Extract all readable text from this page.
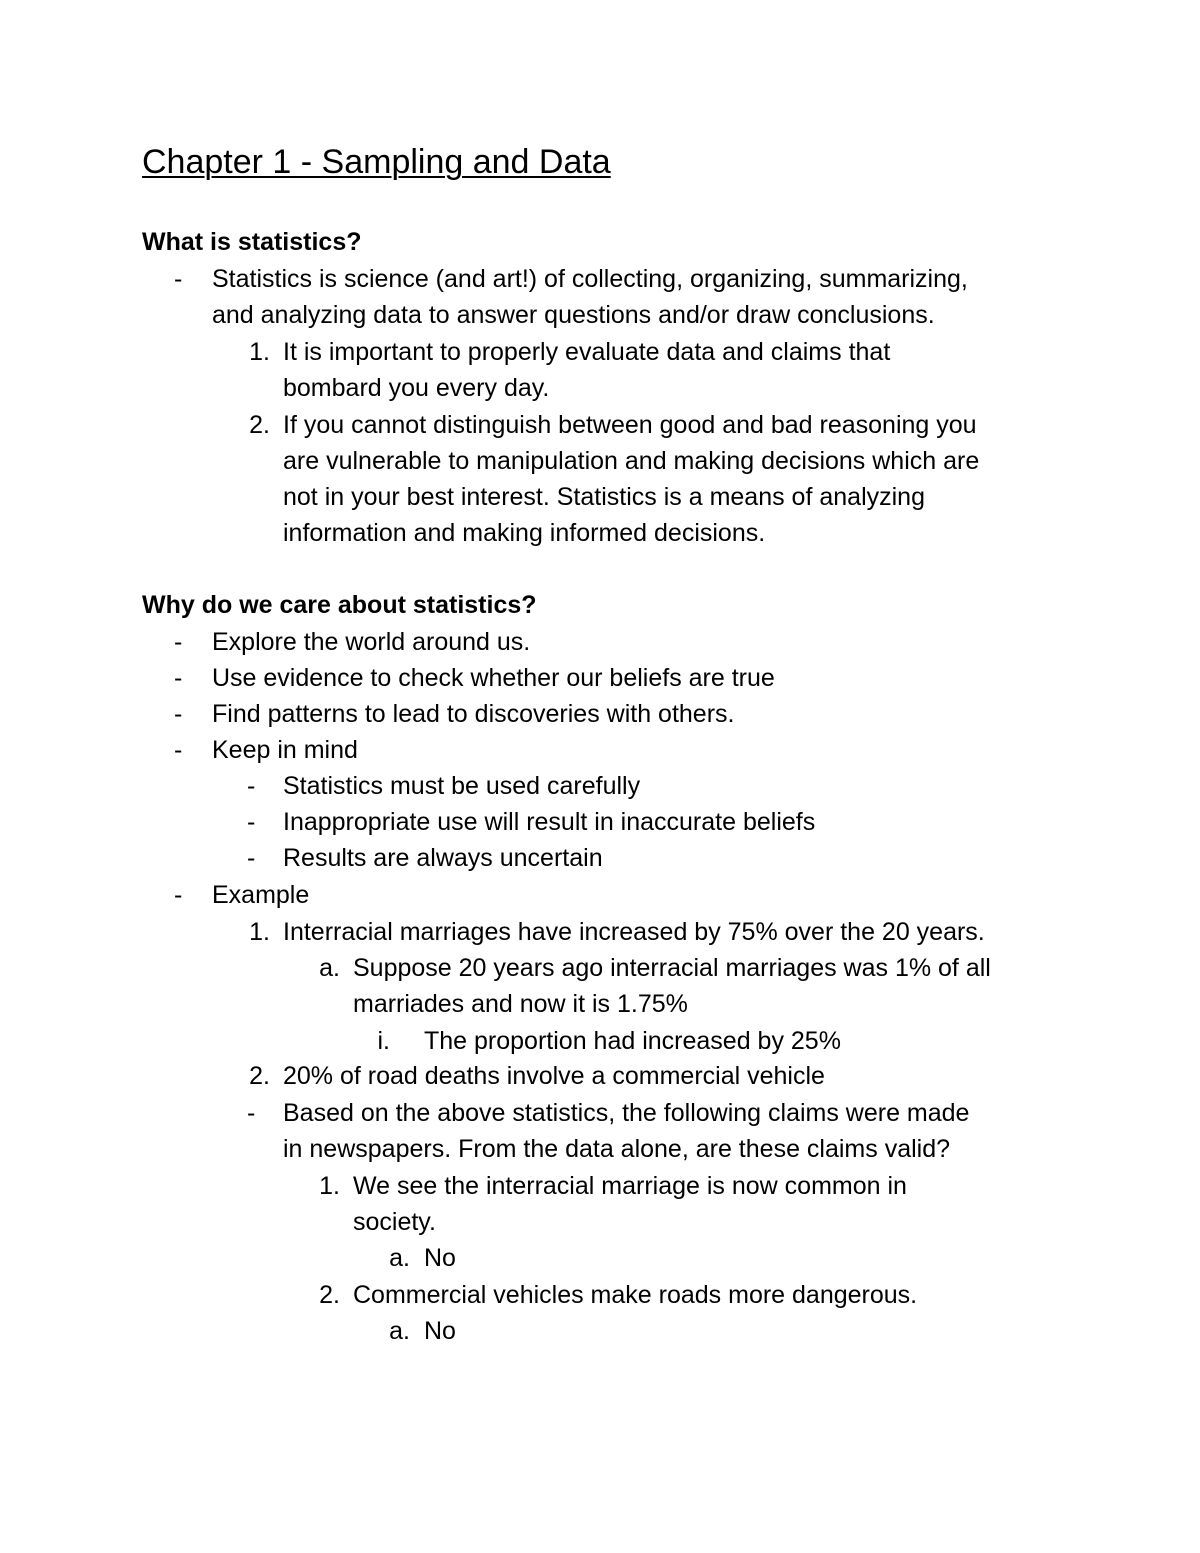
Chapter 1 - Sampling and Data
What is statistics?
- Statistics is science (and art!) of collecting, organizing, summarizing,
and analyzing data to answer questions and/or draw conclusions.
1. It is important to properly evaluate data and claims that
bombard you every day.
2. If you cannot distinguish between good and bad reasoning you
are vulnerable to manipulation and making decisions which are
not in your best interest. Statistics is a means of analyzing
information and making informed decisions.
Why do we care about statistics?
- Explore the world around us.
- Use evidence to check whether our beliefs are true
- Find patterns to lead to discoveries with others.
- Keep in mind
- Statistics must be used carefully
- Inappropriate use will result in inaccurate beliefs
- Results are always uncertain
- Example
1. Interracial marriages have increased by 75% over the 20 years.
a. Suppose 20 years ago interracial marriages was 1% of all
marriades and now it is 1.75%
i. The proportion had increased by 25%
2. 20% of road deaths involve a commercial vehicle
- Based on the above statistics, the following claims were made
in newspapers. From the data alone, are these claims valid?
1. We see the interracial marriage is now common in
society.
a. No
2. Commercial vehicles make roads more dangerous.
a. No
